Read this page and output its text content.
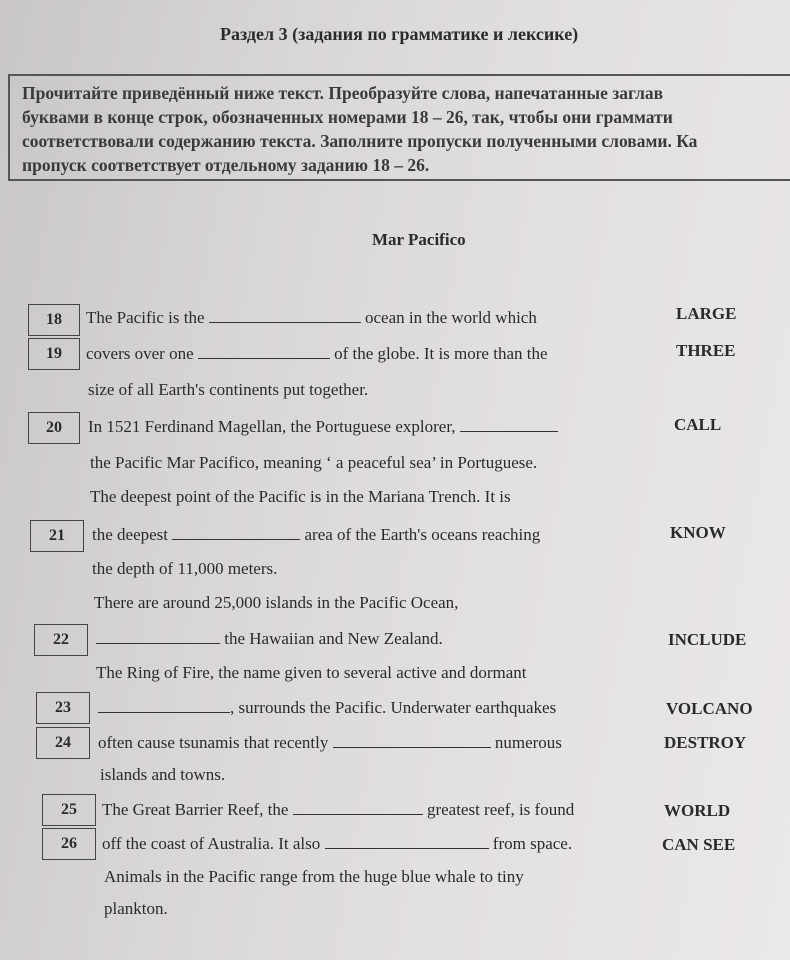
Раздел 3 (задания по грамматике и лексике)
Прочитайте приведённый ниже текст. Преобразуйте слова, напечатанные заглав
буквами в конце строк, обозначенных номерами 18 – 26, так, чтобы они граммати
соответствовали содержанию текста. Заполните пропуски полученными словами. Ка
пропуск соответствует отдельному заданию 18 – 26.
Mar Pacifico
18
19
20
21
22
23
24
25
26
The Pacific is the	ocean in the world which
covers over one	of the globe. It is more than the
size of all Earth's continents put together.
In 1521 Ferdinand Magellan, the Portuguese explorer,
the Pacific Mar Pacifico, meaning ‘ a peaceful sea’ in Portuguese.
The deepest point of the Pacific is in the Mariana Trench. It is
the deepest	area of the Earth's oceans reaching
the depth of 11,000 meters.
There are around 25,000 islands in the Pacific Ocean,
the Hawaiian and New Zealand.
The Ring of Fire, the name given to several active and dormant
, surrounds the Pacific. Underwater earthquakes
often cause tsunamis that recently	numerous
islands and towns.
The Great Barrier Reef, the	greatest reef, is found
off the coast of Australia. It also	from space.
Animals in the Pacific range from the huge blue whale to tiny
plankton.
LARGE
THREE
CALL
KNOW
INCLUDE
VOLCANO
DESTROY
WORLD
CAN SEE
